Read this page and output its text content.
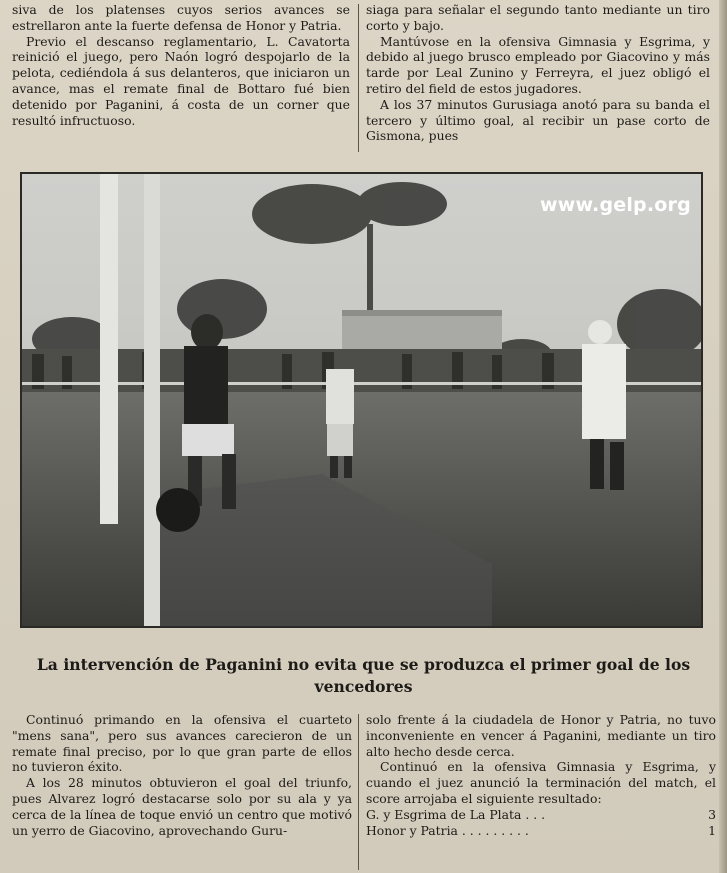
siva de los platenses cuyos serios avances se estrellaron ante la fuerte defensa de Honor y Patria.

Previo el descanso reglamentario, L. Cavatorta reinició el juego, pero Naón logró despojarlo de la pelota, cediéndola á sus delanteros, que iniciaron un avance, mas el remate final de Bottaro fué bien detenido por Paganini, á costa de un corner que resultó infructuoso.

siaga para señalar el segundo tanto mediante un tiro corto y bajo.

Mantúvose en la ofensiva Gimnasia y Esgrima, y debido al juego brusco empleado por Giacovino y más tarde por Leal Zunino y Ferreyra, el juez obligó el retiro del field de estos jugadores.

A los 37 minutos Gurusiaga anotó para su banda el tercero y último goal, al recibir un pase corto de Gismona, pues

www.gelp.org
La intervención de Paganini no evita que se produzca el primer goal de los vencedores

Continuó primando en la ofensiva el cuarteto "mens sana", pero sus avances carecieron de un remate final preciso, por lo que gran parte de ellos no tuvieron éxito.

A los 28 minutos obtuvieron el goal del triunfo, pues Alvarez logró destacarse solo por su ala y ya cerca de la línea de toque envió un centro que motivó un yerro de Giacovino, aprovechando Guru-

solo frente á la ciudadela de Honor y Patria, no tuvo inconveniente en vencer á Paganini, mediante un tiro alto hecho desde cerca.

Continuó en la ofensiva Gimnasia y Esgrima, y cuando el juez anunció la terminación del match, el score arrojaba el siguiente resultado:

G. y Esgrima de La Plata . . .	3
Honor y Patria . . . . . . . . .	1
